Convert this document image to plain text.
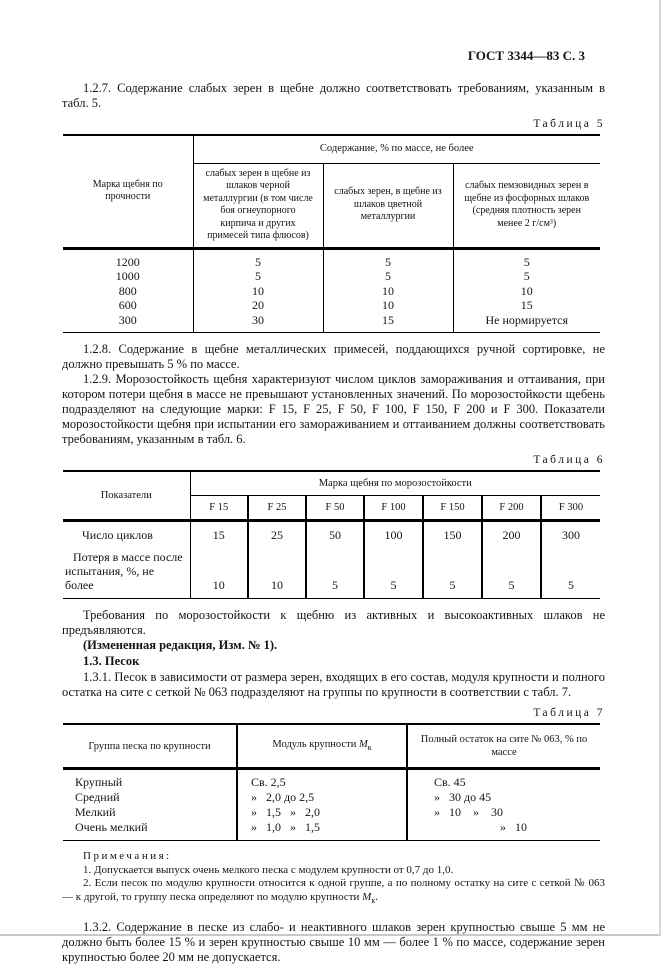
ГОСТ 3344—83 С. 3

1.2.7. Содержание слабых зерен в щебне должно соответствовать требованиям, указанным в табл. 5.

Таблица 5
Марка щебня по прочности	Содержание, % по массе, не более		
	слабых зерен в щебне из шлаков черной металлургии (в том числе боя огнеупорного кирпича и других примесей типа флюсов)	слабых зерен, в щебне из шлаков цветной металлургии	слабых пемзовидных зерен в щебне из фосфорных шлаков (средняя плотность зерен менее 2 г/см³)
1200	5	5	5
1000	5	5	5
800	10	10	10
600	20	10	15
300	30	15	Не нормируется

1.2.8. Содержание в щебне металлических примесей, поддающихся ручной сортировке, не должно превышать 5 % по массе.

1.2.9. Морозостойкость щебня характеризуют числом циклов замораживания и оттаивания, при котором потери щебня в массе не превышают установленных значений. По морозостойкости щебень подразделяют на следующие марки: F 15, F 25, F 50, F 100, F 150, F 200 и F 300. Показатели морозостойкости щебня при испытании его замораживанием и оттаиванием должны соответствовать требованиям, указанным в табл. 6.

Таблица 6
Показатели	Марка щебня по морозостойкости						
	F 15	F 25	F 50	F 100	F 150	F 200	F 300
Число циклов	15	25	50	100	150	200	300
Потеря в массе после испытания, %, не более	10	10	5	5	5	5	5

Требования по морозостойкости к щебню из активных и высокоактивных шлаков не предъявляются.

(Измененная редакция, Изм. № 1).

1.3. Песок

1.3.1. Песок в зависимости от размера зерен, входящих в его состав, модуля крупности и полного остатка на сите с сеткой № 063 подразделяют на группы по крупности в соответствии с табл. 7.

Таблица 7
Группа песка по крупности	Модуль крупности $М_к$	Полный остаток на сите № 063, % по массе
Крупный	Св. 2,5	Св. 45
Средний	»   2,0 до 2,5	»   30 до 45
Мелкий	»   1,5   »   2,0	»   10    »    30
Очень мелкий	»   1,0   »   1,5	»   10

Примечания:

1. Допускается выпуск очень мелкого песка с модулем крупности от 0,7 до 1,0.

2. Если песок по модулю крупности относится к одной группе, а по полному остатку на сите с сеткой № 063 — к другой, то группу песка определяют по модулю крупности $М_к$.

1.3.2. Содержание в песке из слабо- и неактивного шлаков зерен крупностью свыше 5 мм не должно быть более 15 % и зерен крупностью свыше 10 мм — более 1 % по массе, содержание зерен крупностью более 20 мм не допускается.
